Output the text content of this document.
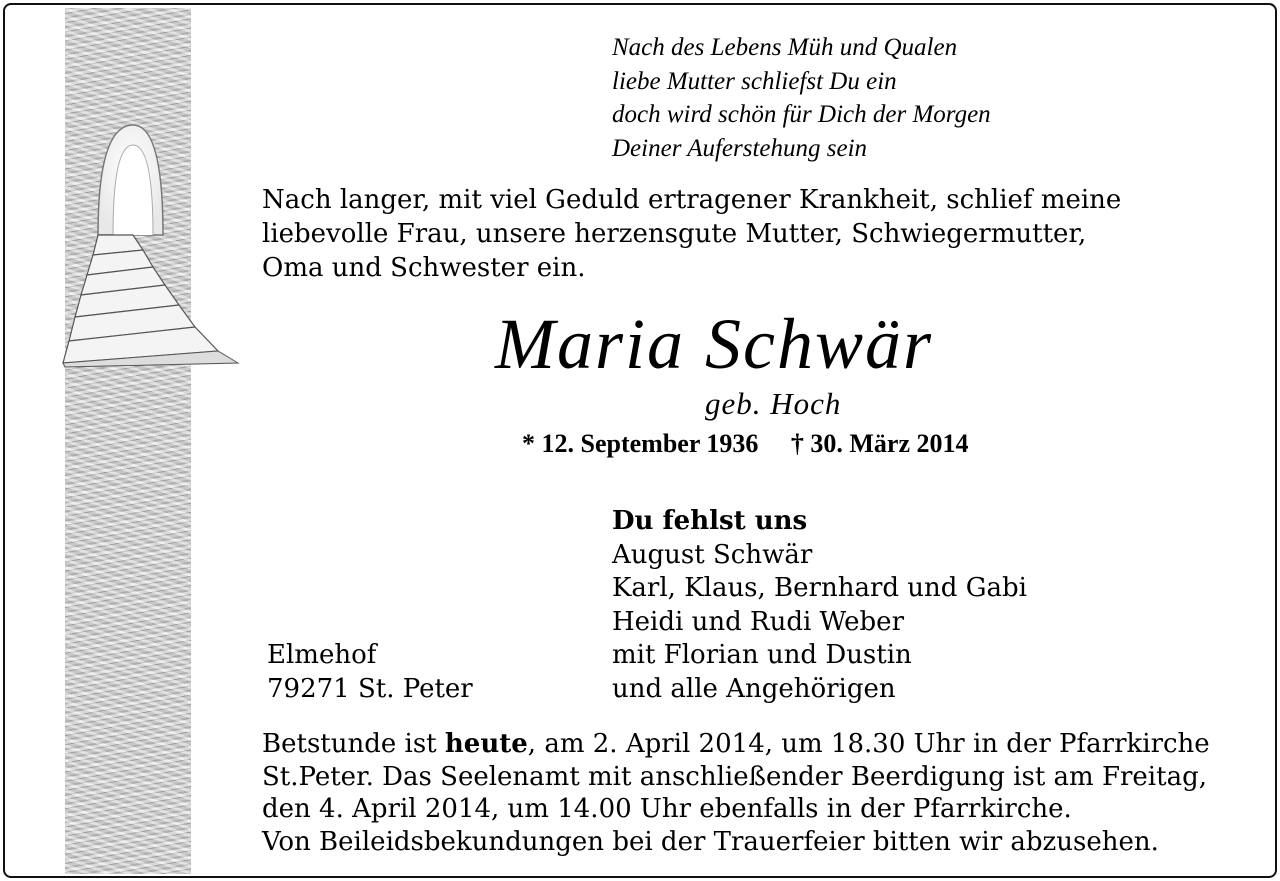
Nach des Lebens Müh und Qualen
liebe Mutter schliefst Du ein
doch wird schön für Dich der Morgen
Deiner Auferstehung sein
Nach langer, mit viel Geduld ertragener Krankheit, schlief meine
liebevolle Frau, unsere herzensgute Mutter, Schwiegermutter,
Oma und Schwester ein.
Maria Schwär
geb. Hoch
* 12. September 1936 † 30. März 2014
Du fehlst uns
August Schwär
Karl, Klaus, Bernhard und Gabi
Heidi und Rudi Weber
mit Florian und Dustin
und alle Angehörigen
Elmehof
79271 St. Peter
Betstunde ist heute, am 2. April 2014, um 18.30 Uhr in der Pfarrkirche
St.Peter. Das Seelenamt mit anschließender Beerdigung ist am Freitag,
den 4. April 2014, um 14.00 Uhr ebenfalls in der Pfarrkirche.
Von Beileidsbekundungen bei der Trauerfeier bitten wir abzusehen.
